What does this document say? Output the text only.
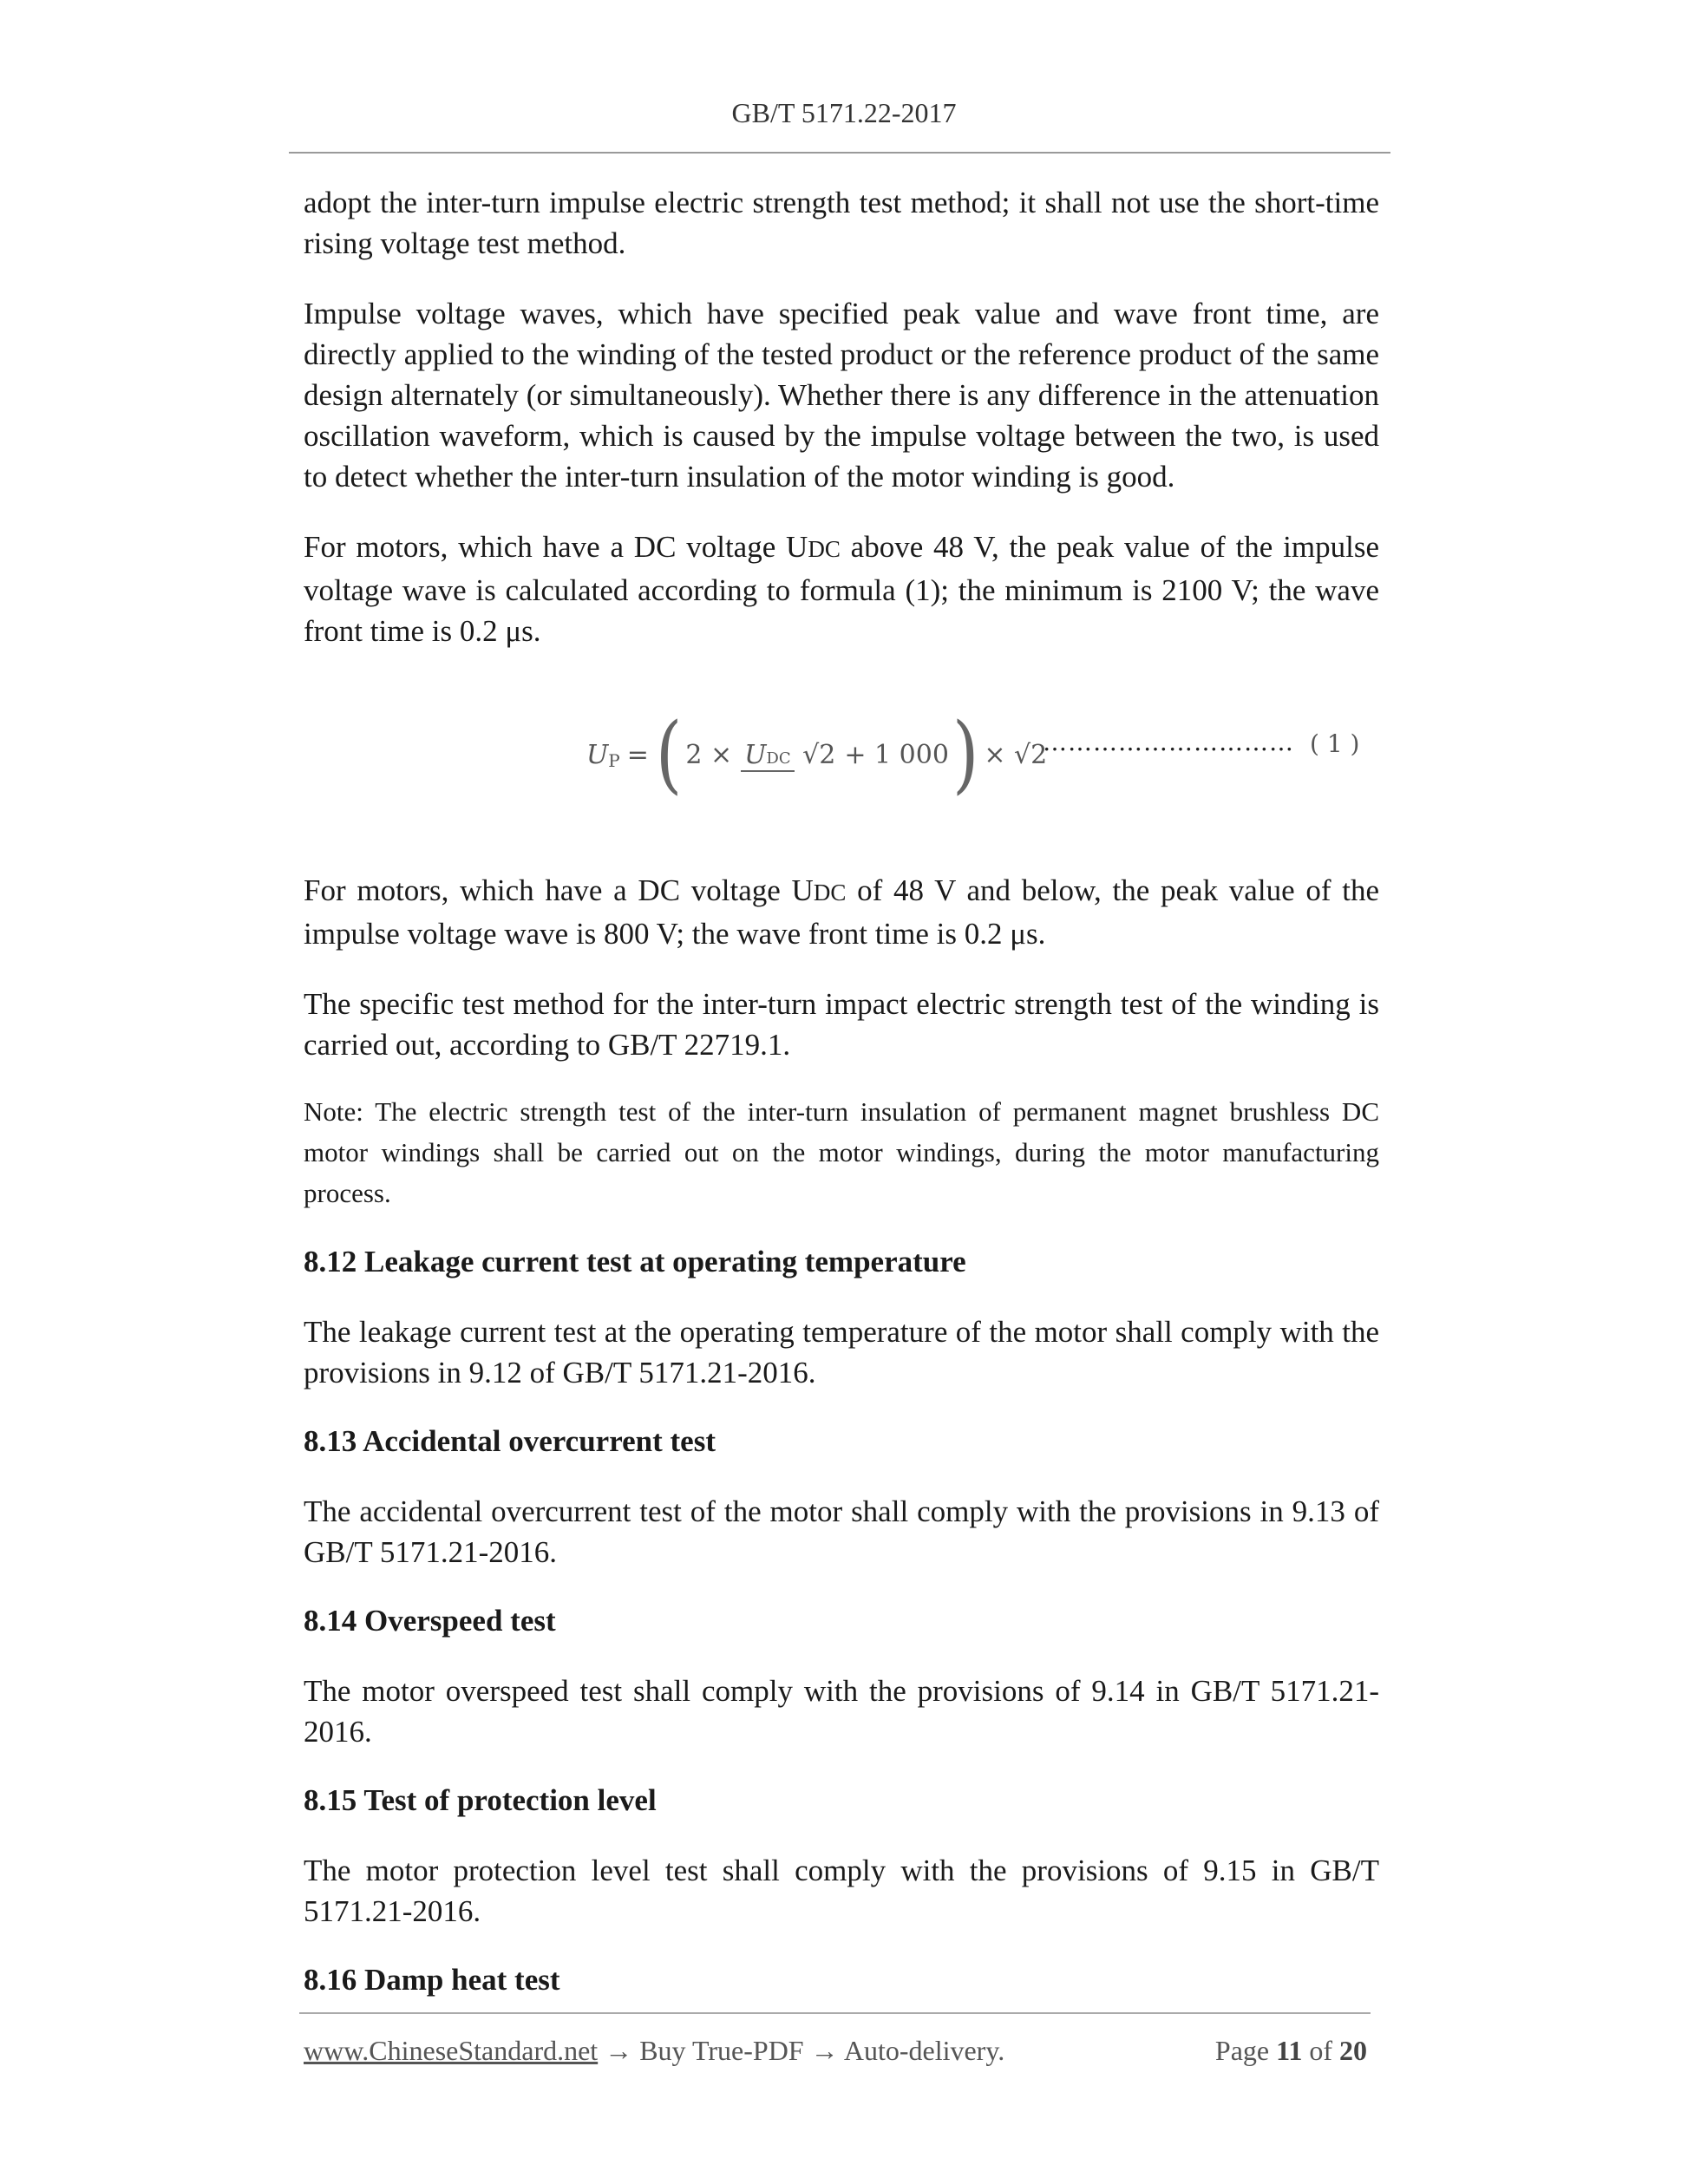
GB/T 5171.22-2017

adopt the inter-turn impulse electric strength test method; it shall not use the short-time rising voltage test method.

Impulse voltage waves, which have specified peak value and wave front time, are directly applied to the winding of the tested product or the reference product of the same design alternately (or simultaneously). Whether there is any difference in the attenuation oscillation waveform, which is caused by the impulse voltage between the two, is used to detect whether the inter-turn insulation of the motor winding is good.

For motors, which have a DC voltage UDC above 48 V, the peak value of the impulse voltage wave is calculated according to formula (1); the minimum is 2100 V; the wave front time is 0.2 μs.

U P = ( 2 × UDC √2 + 1 000 ) × √2
………………………… ( 1 )

For motors, which have a DC voltage UDC of 48 V and below, the peak value of the impulse voltage wave is 800 V; the wave front time is 0.2 μs.

The specific test method for the inter-turn impact electric strength test of the winding is carried out, according to GB/T 22719.1.

Note: The electric strength test of the inter-turn insulation of permanent magnet brushless DC motor windings shall be carried out on the motor windings, during the motor manufacturing process.

8.12 Leakage current test at operating temperature

The leakage current test at the operating temperature of the motor shall comply with the provisions in 9.12 of GB/T 5171.21-2016.

8.13 Accidental overcurrent test

The accidental overcurrent test of the motor shall comply with the provisions in 9.13 of GB/T 5171.21-2016.

8.14 Overspeed test

The motor overspeed test shall comply with the provisions of 9.14 in GB/T 5171.21-2016.

8.15 Test of protection level

The motor protection level test shall comply with the provisions of 9.15 in GB/T 5171.21-2016.

8.16 Damp heat test
www.ChineseStandard.net → Buy True-PDF → Auto-delivery.	Page 11 of 20
